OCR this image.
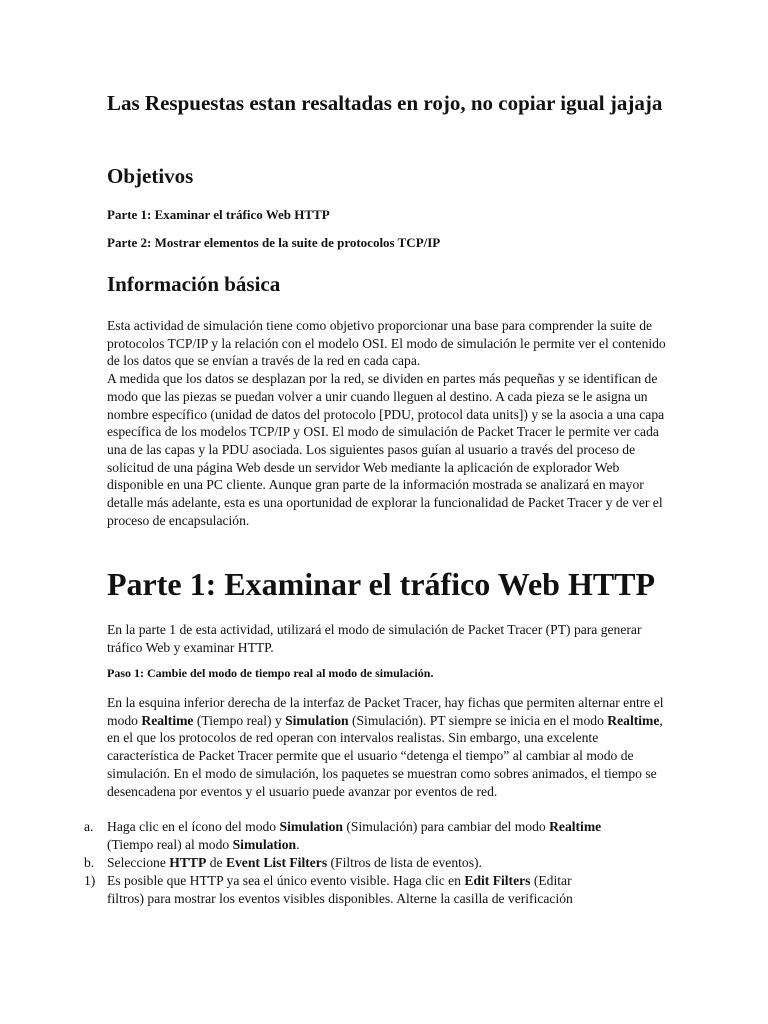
Las Respuestas estan resaltadas en rojo, no copiar igual jajaja
Objetivos

Parte 1: Examinar el tráfico Web HTTP

Parte 2: Mostrar elementos de la suite de protocolos TCP/IP

Información básica

Esta actividad de simulación tiene como objetivo proporcionar una base para comprender la suite de protocolos TCP/IP y la relación con el modelo OSI. El modo de simulación le permite ver el contenido de los datos que se envían a través de la red en cada capa.

A medida que los datos se desplazan por la red, se dividen en partes más pequeñas y se identifican de modo que las piezas se puedan volver a unir cuando lleguen al destino. A cada pieza se le asigna un nombre específico (unidad de datos del protocolo [PDU, protocol data units]) y se la asocia a una capa específica de los modelos TCP/IP y OSI. El modo de simulación de Packet Tracer le permite ver cada una de las capas y la PDU asociada. Los siguientes pasos guían al usuario a través del proceso de solicitud de una página Web desde un servidor Web mediante la aplicación de explorador Web disponible en una PC cliente. Aunque gran parte de la información mostrada se analizará en mayor detalle más adelante, esta es una oportunidad de explorar la funcionalidad de Packet Tracer y de ver el proceso de encapsulación.

Parte 1: Examinar el tráfico Web HTTP

En la parte 1 de esta actividad, utilizará el modo de simulación de Packet Tracer (PT) para generar tráfico Web y examinar HTTP.

Paso 1: Cambie del modo de tiempo real al modo de simulación.

En la esquina inferior derecha de la interfaz de Packet Tracer, hay fichas que permiten alternar entre el modo Realtime (Tiempo real) y Simulation (Simulación). PT siempre se inicia en el modo Realtime, en el que los protocolos de red operan con intervalos realistas. Sin embargo, una excelente característica de Packet Tracer permite que el usuario “detenga el tiempo” al cambiar al modo de simulación. En el modo de simulación, los paquetes se muestran como sobres animados, el tiempo se desencadena por eventos y el usuario puede avanzar por eventos de red.

a. Haga clic en el ícono del modo Simulation (Simulación) para cambiar del modo Realtime
(Tiempo real) al modo Simulation.

b. Seleccione HTTP de Event List Filters (Filtros de lista de eventos).

1) Es posible que HTTP ya sea el único evento visible. Haga clic en Edit Filters (Editar
filtros) para mostrar los eventos visibles disponibles. Alterne la casilla de verificación
